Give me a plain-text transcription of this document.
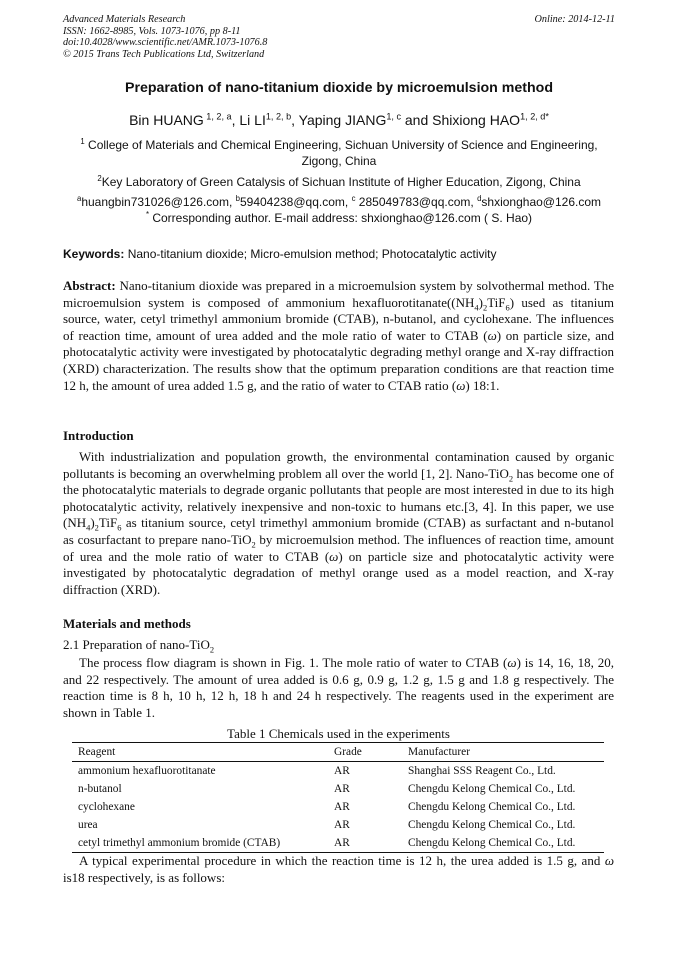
Advanced Materials Research
ISSN: 1662-8985, Vols. 1073-1076, pp 8-11
doi:10.4028/www.scientific.net/AMR.1073-1076.8
© 2015 Trans Tech Publications Ltd, Switzerland
Online: 2014-12-11
Preparation of nano-titanium dioxide by microemulsion method
Bin HUANG $^{1, 2, a}$, Li LI$^{1, 2, b}$, Yaping JIANG$^{1, c}$ and Shixiong $HAO^{1, 2, d*}$
$^1$ College of Materials and Chemical Engineering, Sichuan University of Science and Engineering, Zigong, China
$^2$Key Laboratory of Green Catalysis of Sichuan Institute of Higher Education, Zigong, China
$^a$huangbin731026@126.com, $^b$59404238@qq.com, $^c$ 285049783@qq.com, $^d$shxionghao@126.com
* Corresponding author. E-mail address: shxionghao@126.com ( S. Hao)
Keywords: Nano-titanium dioxide; Micro-emulsion method; Photocatalytic activity
Abstract: Nano-titanium dioxide was prepared in a microemulsion system by solvothermal method. The microemulsion system is composed of ammonium $hexafluorotitanate((NH_4)_2TiF_6)$ used as titanium source, water, cetyl trimethyl ammonium bromide (CTAB), n-butanol, and cyclohexane. The influences of reaction time, amount of urea added and the mole ratio of water to CTAB (ω) on particle size, and photocatalytic activity were investigated by photocatalytic degrading methyl orange and X-ray diffraction (XRD) characterization. The results show that the optimum preparation conditions are that reaction time 12 h, the amount of urea added 1.5 g, and the ratio of water to CTAB ratio (ω) 18:1.
Introduction
With industrialization and population growth, the environmental contamination caused by organic pollutants is becoming an overwhelming problem all over the world [1, 2]. Nano-TiO$_2$ has become one of the photocatalytic materials to degrade organic pollutants that people are most interested in due to its high photocatalytic activity, relatively inexpensive and non-toxic to humans etc.[3, 4]. In this paper, we use $(NH_4)_2TiF_6$ as titanium source, cetyl trimethyl ammonium bromide (CTAB) as surfactant and n-butanol as cosurfactant to prepare nano-TiO$_2$ by microemulsion method. The influences of reaction time, amount of urea and the mole ratio of water to CTAB (ω) on particle size and photocatalytic activity were investigated by photocatalytic degradation of methyl orange used as a model reaction, and X-ray diffraction (XRD).
Materials and methods
2.1 Preparation of nano-TiO$_2$
The process flow diagram is shown in Fig. 1. The mole ratio of water to CTAB (ω) is 14, 16, 18, 20, and 22 respectively. The amount of urea added is 0.6 g, 0.9 g, 1.2 g, 1.5 g and 1.8 g respectively. The reaction time is 8 h, 10 h, 12 h, 18 h and 24 h respectively. The reagents used in the experiment are shown in Table 1.
Table 1 Chemicals used in the experiments
Reagent	Grade	Manufacturer
ammonium hexafluorotitanate	AR	Shanghai SSS Reagent Co., Ltd.
n-butanol	AR	Chengdu Kelong Chemical Co., Ltd.
cyclohexane	AR	Chengdu Kelong Chemical Co., Ltd.
urea	AR	Chengdu Kelong Chemical Co., Ltd.
cetyl trimethyl ammonium bromide (CTAB)	AR	Chengdu Kelong Chemical Co., Ltd.
A typical experimental procedure in which the reaction time is 12 h, the urea added is 1.5 g, and ω is18 respectively, is as follows:
